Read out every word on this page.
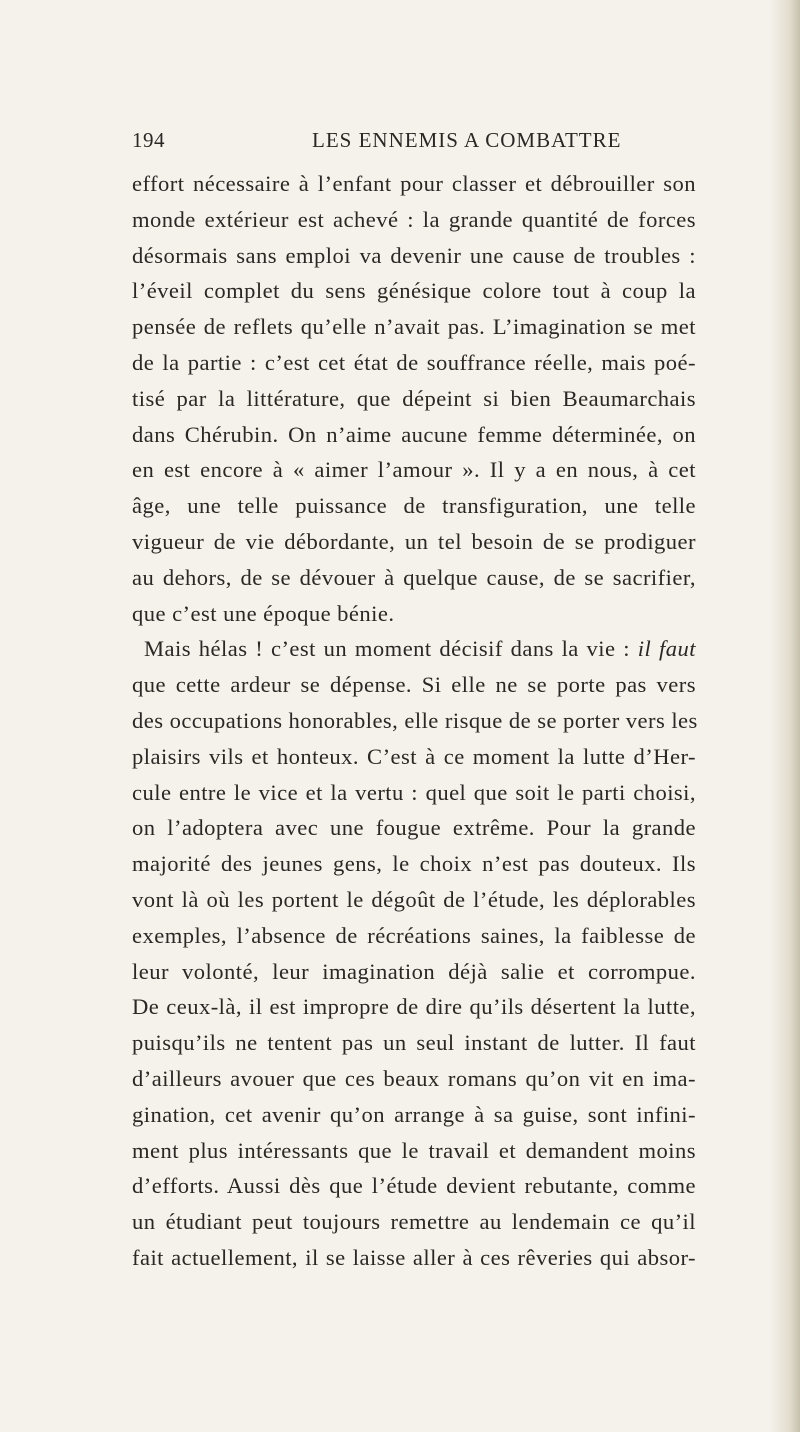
194	LES ENNEMIS A COMBATTRE
effort nécessaire à l’enfant pour classer et débrouiller son
monde extérieur est achevé : la grande quantité de forces
désormais sans emploi va devenir une cause de troubles :
l’éveil complet du sens génésique colore tout à coup la
pensée de reflets qu’elle n’avait pas. L’imagination se met
de la partie : c’est cet état de souffrance réelle, mais poé-
tisé par la littérature, que dépeint si bien Beaumarchais
dans Chérubin. On n’aime aucune femme déterminée, on
en est encore à « aimer l’amour ». Il y a en nous, à cet
âge, une telle puissance de transfiguration, une telle
vigueur de vie débordante, un tel besoin de se prodiguer
au dehors, de se dévouer à quelque cause, de se sacrifier,
que c’est une époque bénie.
Mais hélas ! c’est un moment décisif dans la vie : il faut
que cette ardeur se dépense. Si elle ne se porte pas vers
des occupations honorables, elle risque de se porter vers les
plaisirs vils et honteux. C’est à ce moment la lutte d’Her-
cule entre le vice et la vertu : quel que soit le parti choisi,
on l’adoptera avec une fougue extrême. Pour la grande
majorité des jeunes gens, le choix n’est pas douteux. Ils
vont là où les portent le dégoût de l’étude, les déplorables
exemples, l’absence de récréations saines, la faiblesse de
leur volonté, leur imagination déjà salie et corrompue.
De ceux-là, il est impropre de dire qu’ils désertent la lutte,
puisqu’ils ne tentent pas un seul instant de lutter. Il faut
d’ailleurs avouer que ces beaux romans qu’on vit en ima-
gination, cet avenir qu’on arrange à sa guise, sont infini-
ment plus intéressants que le travail et demandent moins
d’efforts. Aussi dès que l’étude devient rebutante, comme
un étudiant peut toujours remettre au lendemain ce qu’il
fait actuellement, il se laisse aller à ces rêveries qui absor-
